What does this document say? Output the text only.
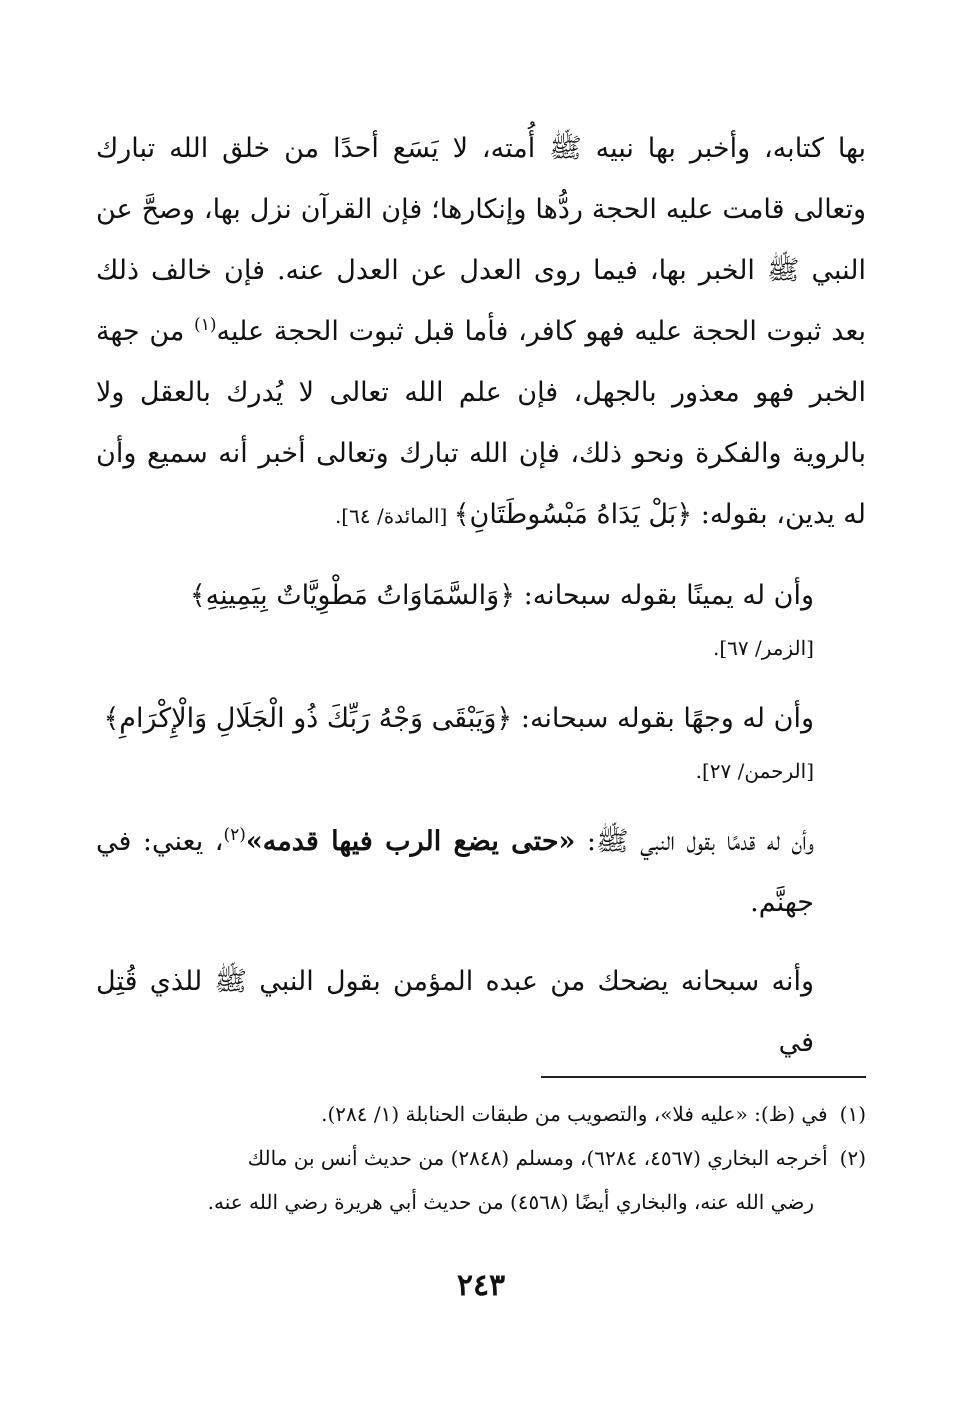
بها كتابه، وأخبر بها نبيه ﷺ أُمته، لا يَسَع أحدًا من خلق الله تبارك وتعالى قامت عليه الحجة ردُّها وإنكارها؛ فإن القرآن نزل بها، وصحَّ عن النبي ﷺ الخبر بها، فيما روى العدل عن العدل عنه. فإن خالف ذلك بعد ثبوت الحجة عليه فهو كافر، فأما قبل ثبوت الحجة عليه$^{(١)}$ من جهة الخبر فهو معذور بالجهل، فإن علم الله تعالى لا يُدرك بالعقل ولا بالروية والفكرة ونحو ذلك، فإن الله تبارك وتعالى أخبر أنه سميع وأن له يدين، بقوله: ﴿بَلْ يَدَاهُ مَبْسُوطَتَانِ﴾ [المائدة/ ٦٤].

وأن له يمينًا بقوله سبحانه: ﴿وَالسَّمَاوَاتُ مَطْوِيَّاتٌ بِيَمِينِهِ﴾
[الزمر/ ٦٧].

وأن له وجهًا بقوله سبحانه: ﴿وَيَبْقَى وَجْهُ رَبِّكَ ذُو الْجَلَالِ وَالْإِكْرَامِ﴾
[الرحمن/ ٢٧].

وأن له قدمًا بقول النبي ﷺ: «حتى يضع الرب فيها قدمه»$^{(٢)}$، يعني: في جهنَّم.

وأنه سبحانه يضحك من عبده المؤمن بقول النبي ﷺ للذي قُتِل في

(١)في (ظ): «عليه فلا»، والتصويب من طبقات الحنابلة (١/ ٢٨٤).

(٢)أخرجه البخاري (٤٥٦٧، ٦٢٨٤)، ومسلم (٢٨٤٨) من حديث أنس بن مالك
رضي الله عنه، والبخاري أيضًا (٤٥٦٨) من حديث أبي هريرة رضي الله عنه.

٢٤٣
